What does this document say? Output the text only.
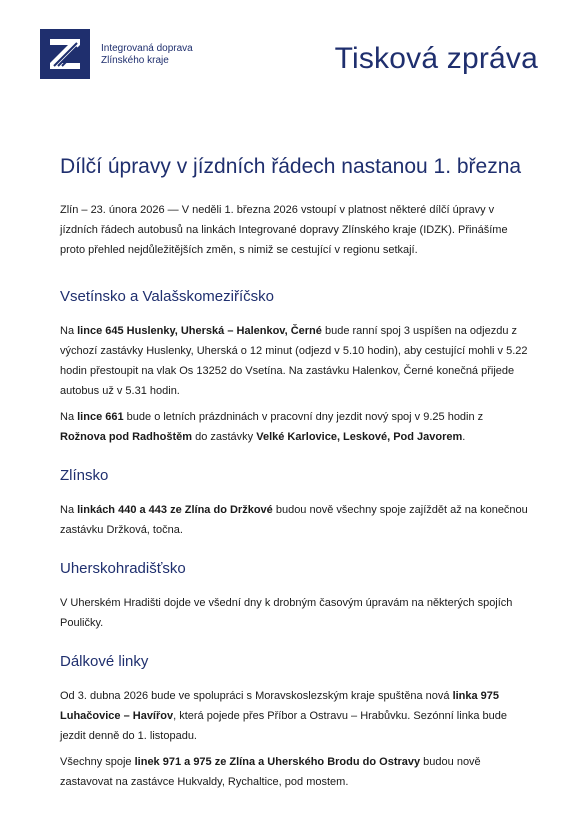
Integrovaná doprava
Zlínského kraje	Tisková zpráva
Dílčí úpravy v jízdních řádech nastanou 1. března

Zlín – 23. února 2026 — V neděli 1. března 2026 vstoupí v platnost některé dílčí úpravy v jízdních řádech autobusů na linkách Integrované dopravy Zlínského kraje (IDZK). Přinášíme proto přehled nejdůležitějších změn, s nimiž se cestující v regionu setkají.

Vsetínsko a Valašskomeziříčsko

Na lince 645 Huslenky, Uherská – Halenkov, Černé bude ranní spoj 3 uspíšen na odjezdu z výchozí zastávky Huslenky, Uherská o 12 minut (odjezd v 5.10 hodin), aby cestující mohli v 5.22 hodin přestoupit na vlak Os 13252 do Vsetína. Na zastávku Halenkov, Černé konečná přijede autobus už v 5.31 hodin.

Na lince 661 bude o letních prázdninách v pracovní dny jezdit nový spoj v 9.25 hodin z Rožnova pod Radhoštěm do zastávky Velké Karlovice, Leskové, Pod Javorem.

Zlínsko

Na linkách 440 a 443 ze Zlína do Držkové budou nově všechny spoje zajíždět až na konečnou zastávku Držková, točna.

Uherskohradišťsko

V Uherském Hradišti dojde ve všední dny k drobným časovým úpravám na některých spojích Pouličky.

Dálkové linky

Od 3. dubna 2026 bude ve spolupráci s Moravskoslezským kraje spuštěna nová linka 975 Luhačovice – Havířov, která pojede přes Příbor a Ostravu – Hrabůvku. Sezónní linka bude jezdit denně do 1. listopadu.

Všechny spoje linek 971 a 975 ze Zlína a Uherského Brodu do Ostravy budou nově zastavovat na zastávce Hukvaldy, Rychaltice, pod mostem.
